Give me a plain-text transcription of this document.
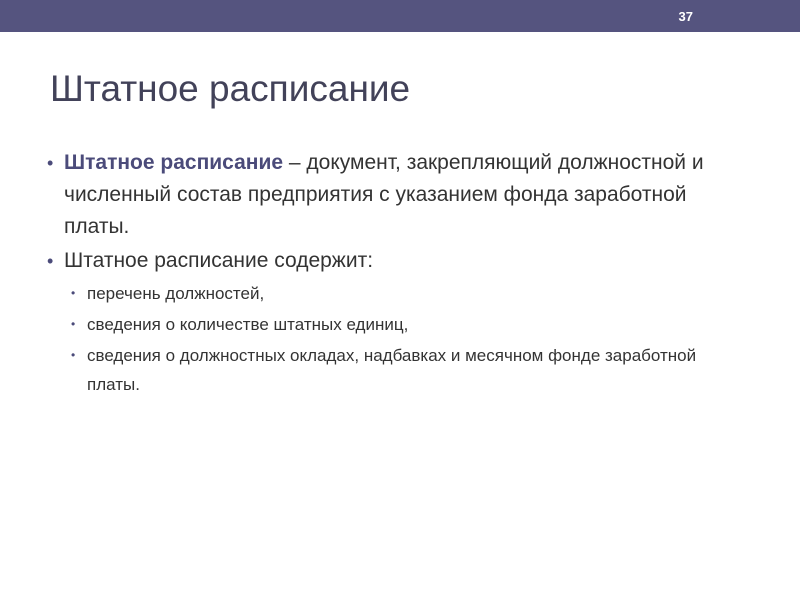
37
Штатное расписание
• Штатное расписание – документ, закрепляющий должностной и численный состав предприятия с указанием фонда заработной платы.
• Штатное расписание содержит:
• перечень должностей,
• сведения о количестве штатных единиц,
• сведения о должностных окладах, надбавках и месячном фонде заработной платы.
